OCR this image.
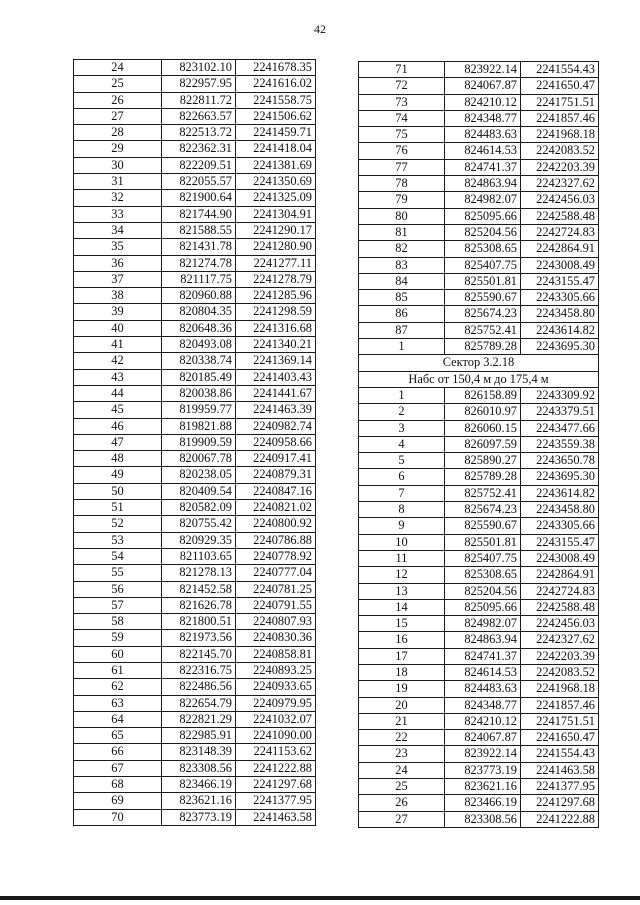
42
24	823102.10	2241678.35
25	822957.95	2241616.02
26	822811.72	2241558.75
27	822663.57	2241506.62
28	822513.72	2241459.71
29	822362.31	2241418.04
30	822209.51	2241381.69
31	822055.57	2241350.69
32	821900.64	2241325.09
33	821744.90	2241304.91
34	821588.55	2241290.17
35	821431.78	2241280.90
36	821274.78	2241277.11
37	821117.75	2241278.79
38	820960.88	2241285.96
39	820804.35	2241298.59
40	820648.36	2241316.68
41	820493.08	2241340.21
42	820338.74	2241369.14
43	820185.49	2241403.43
44	820038.86	2241441.67
45	819959.77	2241463.39
46	819821.88	2240982.74
47	819909.59	2240958.66
48	820067.78	2240917.41
49	820238.05	2240879.31
50	820409.54	2240847.16
51	820582.09	2240821.02
52	820755.42	2240800.92
53	820929.35	2240786.88
54	821103.65	2240778.92
55	821278.13	2240777.04
56	821452.58	2240781.25
57	821626.78	2240791.55
58	821800.51	2240807.93
59	821973.56	2240830.36
60	822145.70	2240858.81
61	822316.75	2240893.25
62	822486.56	2240933.65
63	822654.79	2240979.95
64	822821.29	2241032.07
65	822985.91	2241090.00
66	823148.39	2241153.62
67	823308.56	2241222.88
68	823466.19	2241297.68
69	823621.16	2241377.95
70	823773.19	2241463.58
71	823922.14	2241554.43
72	824067.87	2241650.47
73	824210.12	2241751.51
74	824348.77	2241857.46
75	824483.63	2241968.18
76	824614.53	2242083.52
77	824741.37	2242203.39
78	824863.94	2242327.62
79	824982.07	2242456.03
80	825095.66	2242588.48
81	825204.56	2242724.83
82	825308.65	2242864.91
83	825407.75	2243008.49
84	825501.81	2243155.47
85	825590.67	2243305.66
86	825674.23	2243458.80
87	825752.41	2243614.82
1	825789.28	2243695.30
Сектор 3.2.18		
Набс от 150,4 м до 175,4 м		
1	826158.89	2243309.92
2	826010.97	2243379.51
3	826060.15	2243477.66
4	826097.59	2243559.38
5	825890.27	2243650.78
6	825789.28	2243695.30
7	825752.41	2243614.82
8	825674.23	2243458.80
9	825590.67	2243305.66
10	825501.81	2243155.47
11	825407.75	2243008.49
12	825308.65	2242864.91
13	825204.56	2242724.83
14	825095.66	2242588.48
15	824982.07	2242456.03
16	824863.94	2242327.62
17	824741.37	2242203.39
18	824614.53	2242083.52
19	824483.63	2241968.18
20	824348.77	2241857.46
21	824210.12	2241751.51
22	824067.87	2241650.47
23	823922.14	2241554.43
24	823773.19	2241463.58
25	823621.16	2241377.95
26	823466.19	2241297.68
27	823308.56	2241222.88
